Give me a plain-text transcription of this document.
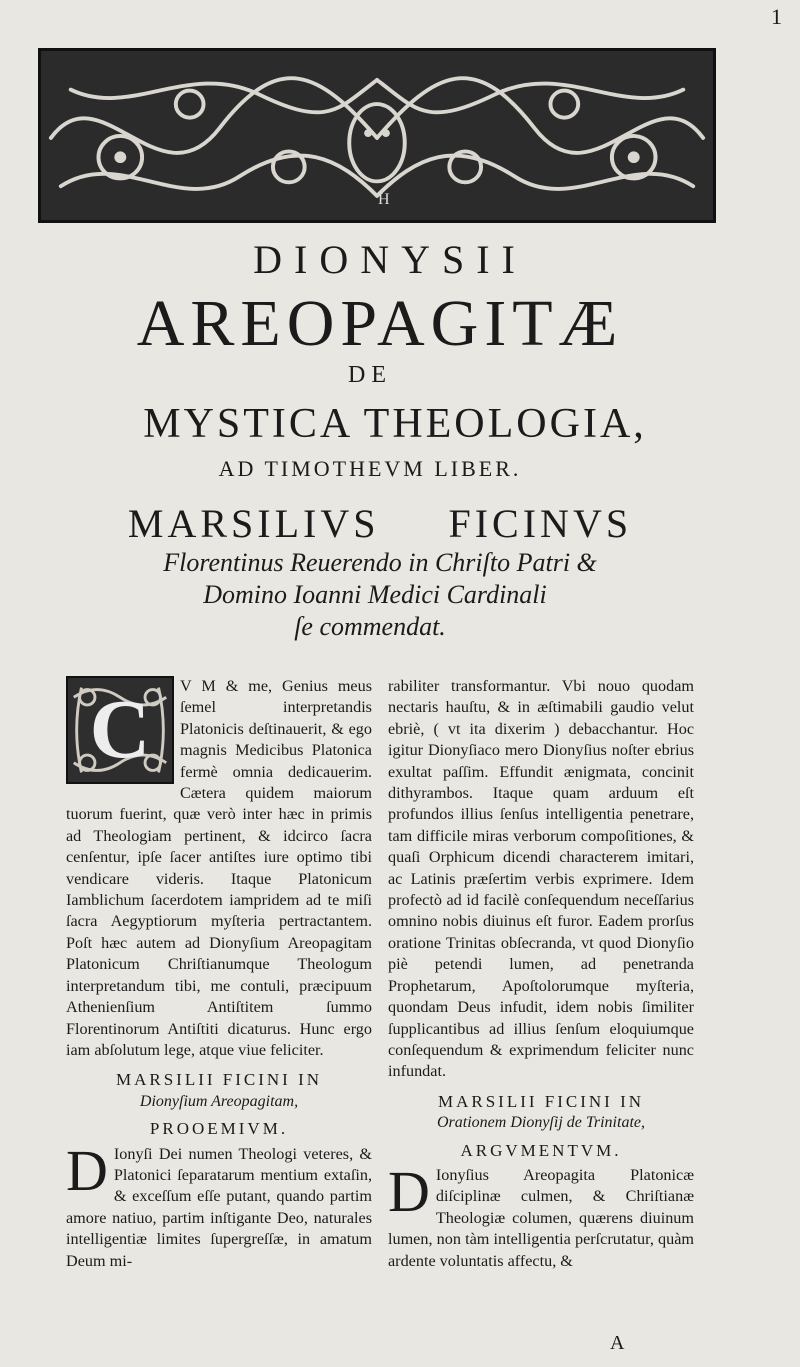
1
H
DIONYSII
AREOPAGITÆ
DE
MYSTICA THEOLOGIA,
AD TIMOTHEVM LIBER.
MARSILIVS FICINVS
Florentinus Reuerendo in Chriſto Patri &
Domino Ioanni Medici Cardinali
ſe commendat.
C	V M & me, Genius meus ſemel interpretandis Platonicis deſtinauerit, & ego magnis Medicibus Platonica fermè omnia dedicauerim. Cætera quidem maiorum tuorum fuerint, quæ verò inter hæc in primis ad Theologiam pertinent, & idcirco ſacra cenſentur, ipſe ſacer antiſtes iure optimo tibi vendicare videris. Itaque Platonicum Iamblichum ſacerdotem iampridem ad te miſi ſacra Aegyptiorum myſteria pertractantem. Poſt hæc autem ad Dionyſium Areopagitam Platonicum Chriſtianumque Theologum interpretandum tibi, me contuli, præcipuum Athenienſium Antiſtitem ſummo Florentinorum Antiſtiti dicaturus. Hunc ergo iam abſolutum lege, atque viue feliciter.

MARSILII FICINI IN
Dionyſium Areopagitam,
PROOEMIVM.

D Ionyſi Dei numen Theologi veteres, & Platonici ſeparatarum mentium extaſin, & exceſſum eſſe putant, quando partim amore natiuo, partim inſtigante Deo, naturales intelligentiæ limites ſupergreſſæ, in amatum Deum mi-

rabiliter transformantur. Vbi nouo quodam nectaris hauſtu, & in æſtimabili gaudio velut ebriè, ( vt ita dixerim ) debacchantur. Hoc igitur Dionyſiaco mero Dionyſius noſter ebrius exultat paſſim. Effundit ænigmata, concinit dithyrambos. Itaque quam arduum eſt profundos illius ſenſus intelligentia penetrare, tam difficile miras verborum compoſitiones, & quaſi Orphicum dicendi characterem imitari, ac Latinis præſertim verbis exprimere. Idem profectò ad id facilè conſequendum neceſſarius omnino nobis diuinus eſt furor. Eadem prorſus oratione Trinitas obſecranda, vt quod Dionyſio piè petendi lumen, ad penetranda Prophetarum, Apoſtolorumque myſteria, quondam Deus infudit, idem nobis ſimiliter ſupplicantibus ad illius ſenſum eloquiumque conſequendum & exprimendum feliciter nunc infundat.

MARSILII FICINI IN
Orationem Dionyſij de Trinitate,
ARGVMENTVM.

D Ionyſius Areopagita Platonicæ diſciplinæ culmen, & Chriſtianæ Theologiæ columen, quærens diuinum lumen, non tàm intelligentia perſcrutatur, quàm ardente voluntatis affectu, &

A
